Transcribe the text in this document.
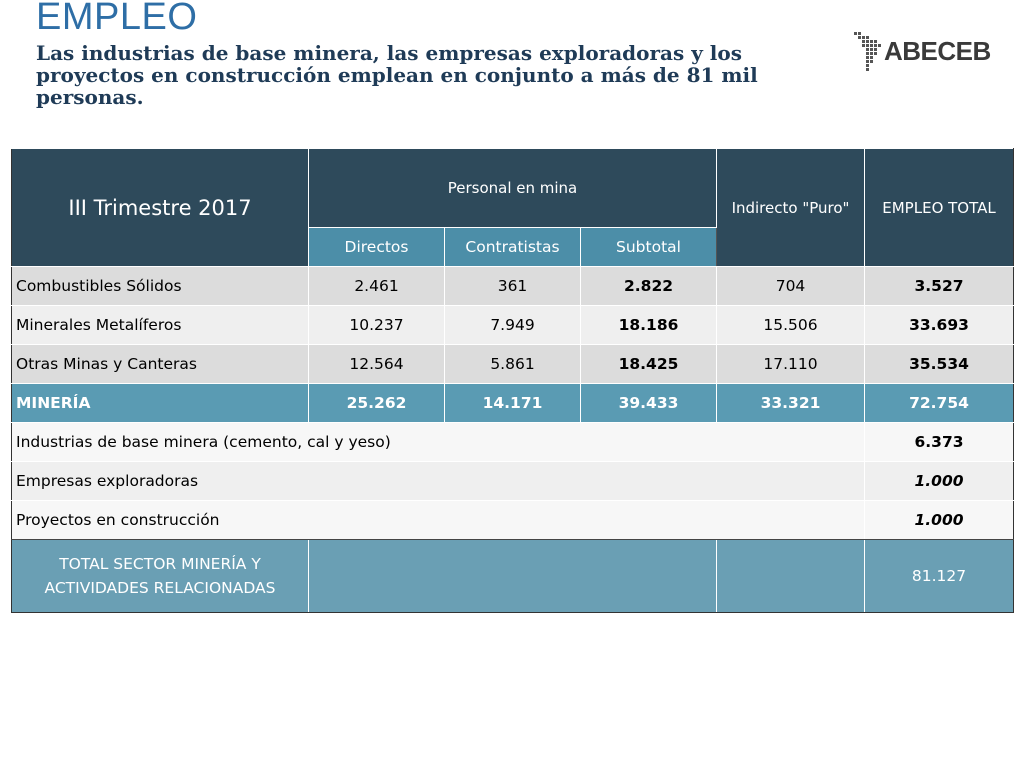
EMPLEO

Las industrias de base minera, las empresas exploradoras y los proyectos en construcción emplean en conjunto a más de 81 mil personas.

ABECEB
III Trimestre 2017	Personal en mina			Indirecto "Puro"	EMPLEO TOTAL
	Directos	Contratistas	Subtotal		
Combustibles Sólidos	2.461	361	2.822	704	3.527
Minerales Metalíferos	10.237	7.949	18.186	15.506	33.693
Otras Minas y Canteras	12.564	5.861	18.425	17.110	35.534
MINERÍA	25.262	14.171	39.433	33.321	72.754
Industrias de base minera (cemento, cal y yeso)					6.373
Empresas exploradoras					1.000
Proyectos en construcción					1.000
TOTAL SECTOR MINERÍA Y ACTIVIDADES RELACIONADAS					81.127
